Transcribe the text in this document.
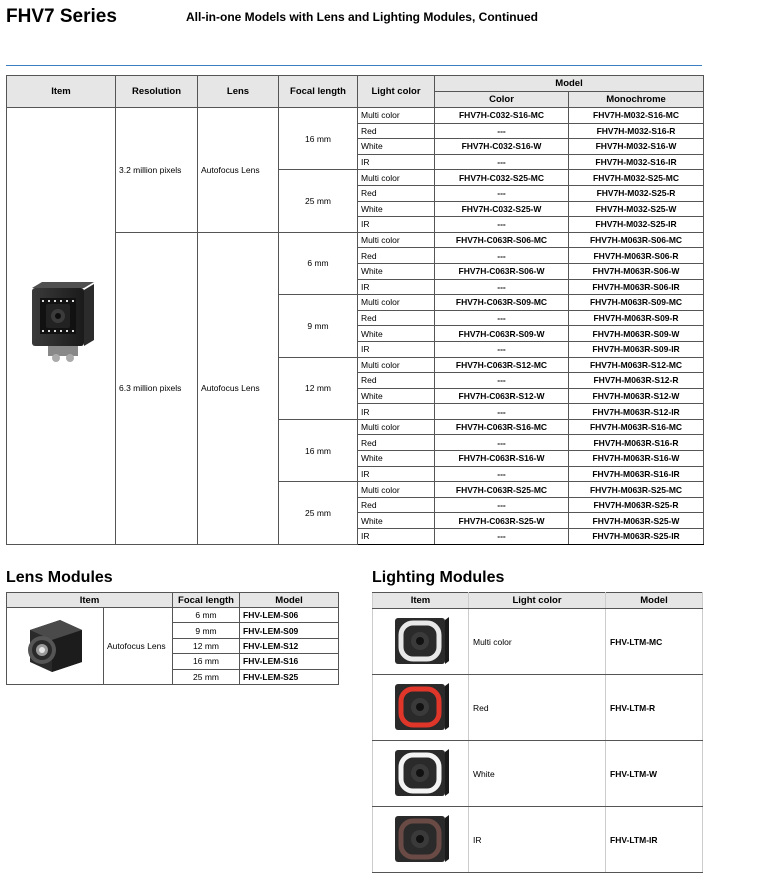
FHV7 Series	All-in-one Models with Lens and Lighting Modules, Continued
Item	Resolution	Lens	Focal length	Light color	Model	
					Color	Monochrome
	3.2 million pixels	Autofocus Lens	16 mm	Multi color	FHV7H-C032-S16-MC	FHV7H-M032-S16-MC
				Red	---	FHV7H-M032-S16-R
				White	FHV7H-C032-S16-W	FHV7H-M032-S16-W
				IR	---	FHV7H-M032-S16-IR
			25 mm	Multi color	FHV7H-C032-S25-MC	FHV7H-M032-S25-MC
				Red	---	FHV7H-M032-S25-R
				White	FHV7H-C032-S25-W	FHV7H-M032-S25-W
				IR	---	FHV7H-M032-S25-IR
	6.3 million pixels	Autofocus Lens	6 mm	Multi color	FHV7H-C063R-S06-MC	FHV7H-M063R-S06-MC
				Red	---	FHV7H-M063R-S06-R
				White	FHV7H-C063R-S06-W	FHV7H-M063R-S06-W
				IR	---	FHV7H-M063R-S06-IR
			9 mm	Multi color	FHV7H-C063R-S09-MC	FHV7H-M063R-S09-MC
				Red	---	FHV7H-M063R-S09-R
				White	FHV7H-C063R-S09-W	FHV7H-M063R-S09-W
				IR	---	FHV7H-M063R-S09-IR
			12 mm	Multi color	FHV7H-C063R-S12-MC	FHV7H-M063R-S12-MC
				Red	---	FHV7H-M063R-S12-R
				White	FHV7H-C063R-S12-W	FHV7H-M063R-S12-W
				IR	---	FHV7H-M063R-S12-IR
			16 mm	Multi color	FHV7H-C063R-S16-MC	FHV7H-M063R-S16-MC
				Red	---	FHV7H-M063R-S16-R
				White	FHV7H-C063R-S16-W	FHV7H-M063R-S16-W
				IR	---	FHV7H-M063R-S16-IR
			25 mm	Multi color	FHV7H-C063R-S25-MC	FHV7H-M063R-S25-MC
				Red	---	FHV7H-M063R-S25-R
				White	FHV7H-C063R-S25-W	FHV7H-M063R-S25-W
				IR	---	FHV7H-M063R-S25-IR
Lens Modules
Item		Focal length	Model
	Autofocus Lens	6 mm	FHV-LEM-S06
		9 mm	FHV-LEM-S09
		12 mm	FHV-LEM-S12
		16 mm	FHV-LEM-S16
		25 mm	FHV-LEM-S25
Lighting Modules
Item	Light color	Model
	Multi color	FHV-LTM-MC
	Red	FHV-LTM-R
	White	FHV-LTM-W
	IR	FHV-LTM-IR
